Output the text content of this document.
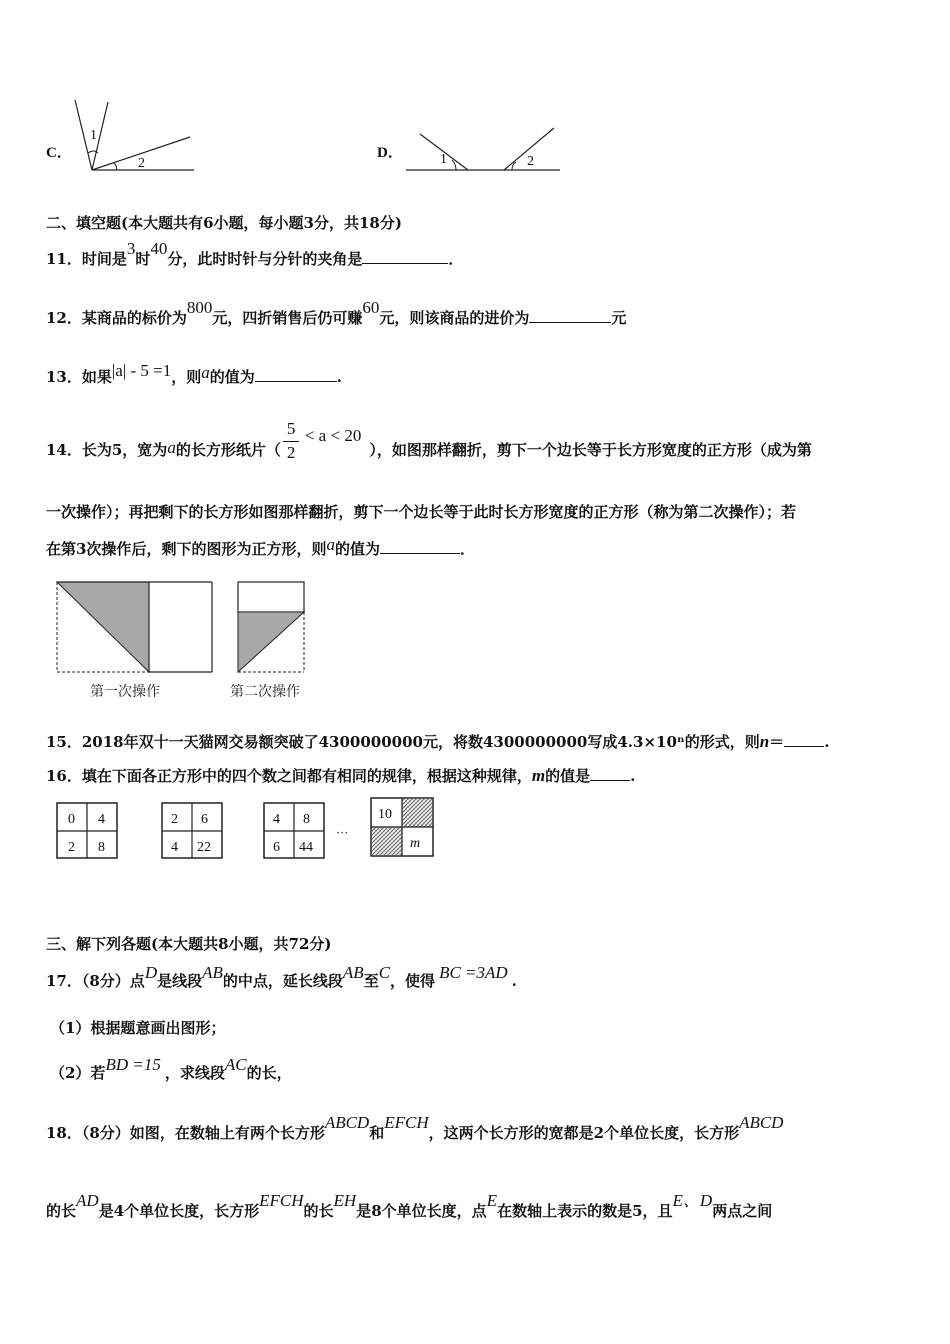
C．
1
2
D．	1	2
二、填空题(本大题共有6小题，每小题3分，共18分)
11．时间是3时40分，此时时针与分针的夹角是	．
12．某商品的标价为800元，四折销售后仍可赚60元，则该商品的进价为	元
13．如果|a| - 5 =1，则a的值为	.
14．长为5，宽为a的长方形纸片（ $\frac{5}{2}$
< a < 20），如图那样翻折，剪下一个边长等于长方形宽度的正方形（成为第
一次操作）；再把剩下的长方形如图那样翻折，剪下一个边长等于此时长方形宽度的正方形（称为第二次操作）；若
在第3次操作后，剩下的图形为正方形，则a的值为	．
第一次操作	第二次操作
15．2018年双十一天猫网交易额突破了4300000000元，将数4300000000写成4.3×10ⁿ的形式，则n＝	.
16．填在下面各正方形中的四个数之间都有相同的规律，根据这种规律，m的值是	.
0 4
2 8
2 6
4 22
4 8
6 44
···
10
m
三、解下列各题(本大题共8小题，共72分)
17．（8分）点D是线段AB的中点，延长线段AB至C，使得 BC =3AD .
（1）根据题意画出图形；
（2）若BD =15 ，求线段AC的长，
18．（8分）如图，在数轴上有两个长方形ABCD和EFCH，这两个长方形的宽都是2个单位长度，长方形ABCD
的长AD是4个单位长度，长方形EFCH的长EH是8个单位长度，点E在数轴上表示的数是5，且E、D两点之间
